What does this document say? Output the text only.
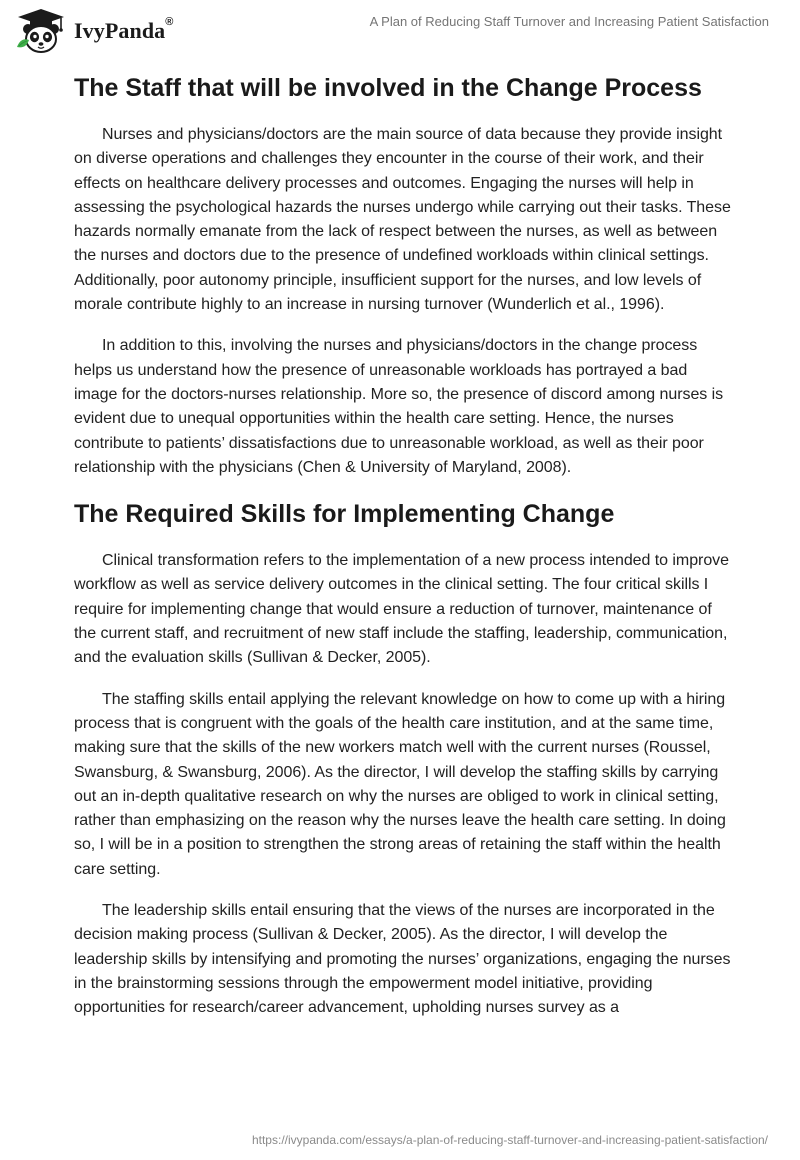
IvyPanda®	A Plan of Reducing Staff Turnover and Increasing Patient Satisfaction
The Staff that will be involved in the Change Process

Nurses and physicians/doctors are the main source of data because they provide insight on diverse operations and challenges they encounter in the course of their work, and their effects on healthcare delivery processes and outcomes. Engaging the nurses will help in assessing the psychological hazards the nurses undergo while carrying out their tasks. These hazards normally emanate from the lack of respect between the nurses, as well as between the nurses and doctors due to the presence of undefined workloads within clinical settings. Additionally, poor autonomy principle, insufficient support for the nurses, and low levels of morale contribute highly to an increase in nursing turnover (Wunderlich et al., 1996).

In addition to this, involving the nurses and physicians/doctors in the change process helps us understand how the presence of unreasonable workloads has portrayed a bad image for the doctors-nurses relationship. More so, the presence of discord among nurses is evident due to unequal opportunities within the health care setting. Hence, the nurses contribute to patients’ dissatisfactions due to unreasonable workload, as well as their poor relationship with the physicians (Chen & University of Maryland, 2008).

The Required Skills for Implementing Change

Clinical transformation refers to the implementation of a new process intended to improve workflow as well as service delivery outcomes in the clinical setting. The four critical skills I require for implementing change that would ensure a reduction of turnover, maintenance of the current staff, and recruitment of new staff include the staffing, leadership, communication, and the evaluation skills (Sullivan & Decker, 2005).

The staffing skills entail applying the relevant knowledge on how to come up with a hiring process that is congruent with the goals of the health care institution, and at the same time, making sure that the skills of the new workers match well with the current nurses (Roussel, Swansburg, & Swansburg, 2006). As the director, I will develop the staffing skills by carrying out an in-depth qualitative research on why the nurses are obliged to work in clinical setting, rather than emphasizing on the reason why the nurses leave the health care setting. In doing so, I will be in a position to strengthen the strong areas of retaining the staff within the health care setting.

The leadership skills entail ensuring that the views of the nurses are incorporated in the decision making process (Sullivan & Decker, 2005). As the director, I will develop the leadership skills by intensifying and promoting the nurses’ organizations, engaging the nurses in the brainstorming sessions through the empowerment model initiative, providing opportunities for research/career advancement, upholding nurses survey as a

https://ivypanda.com/essays/a-plan-of-reducing-staff-turnover-and-increasing-patient-satisfaction/
